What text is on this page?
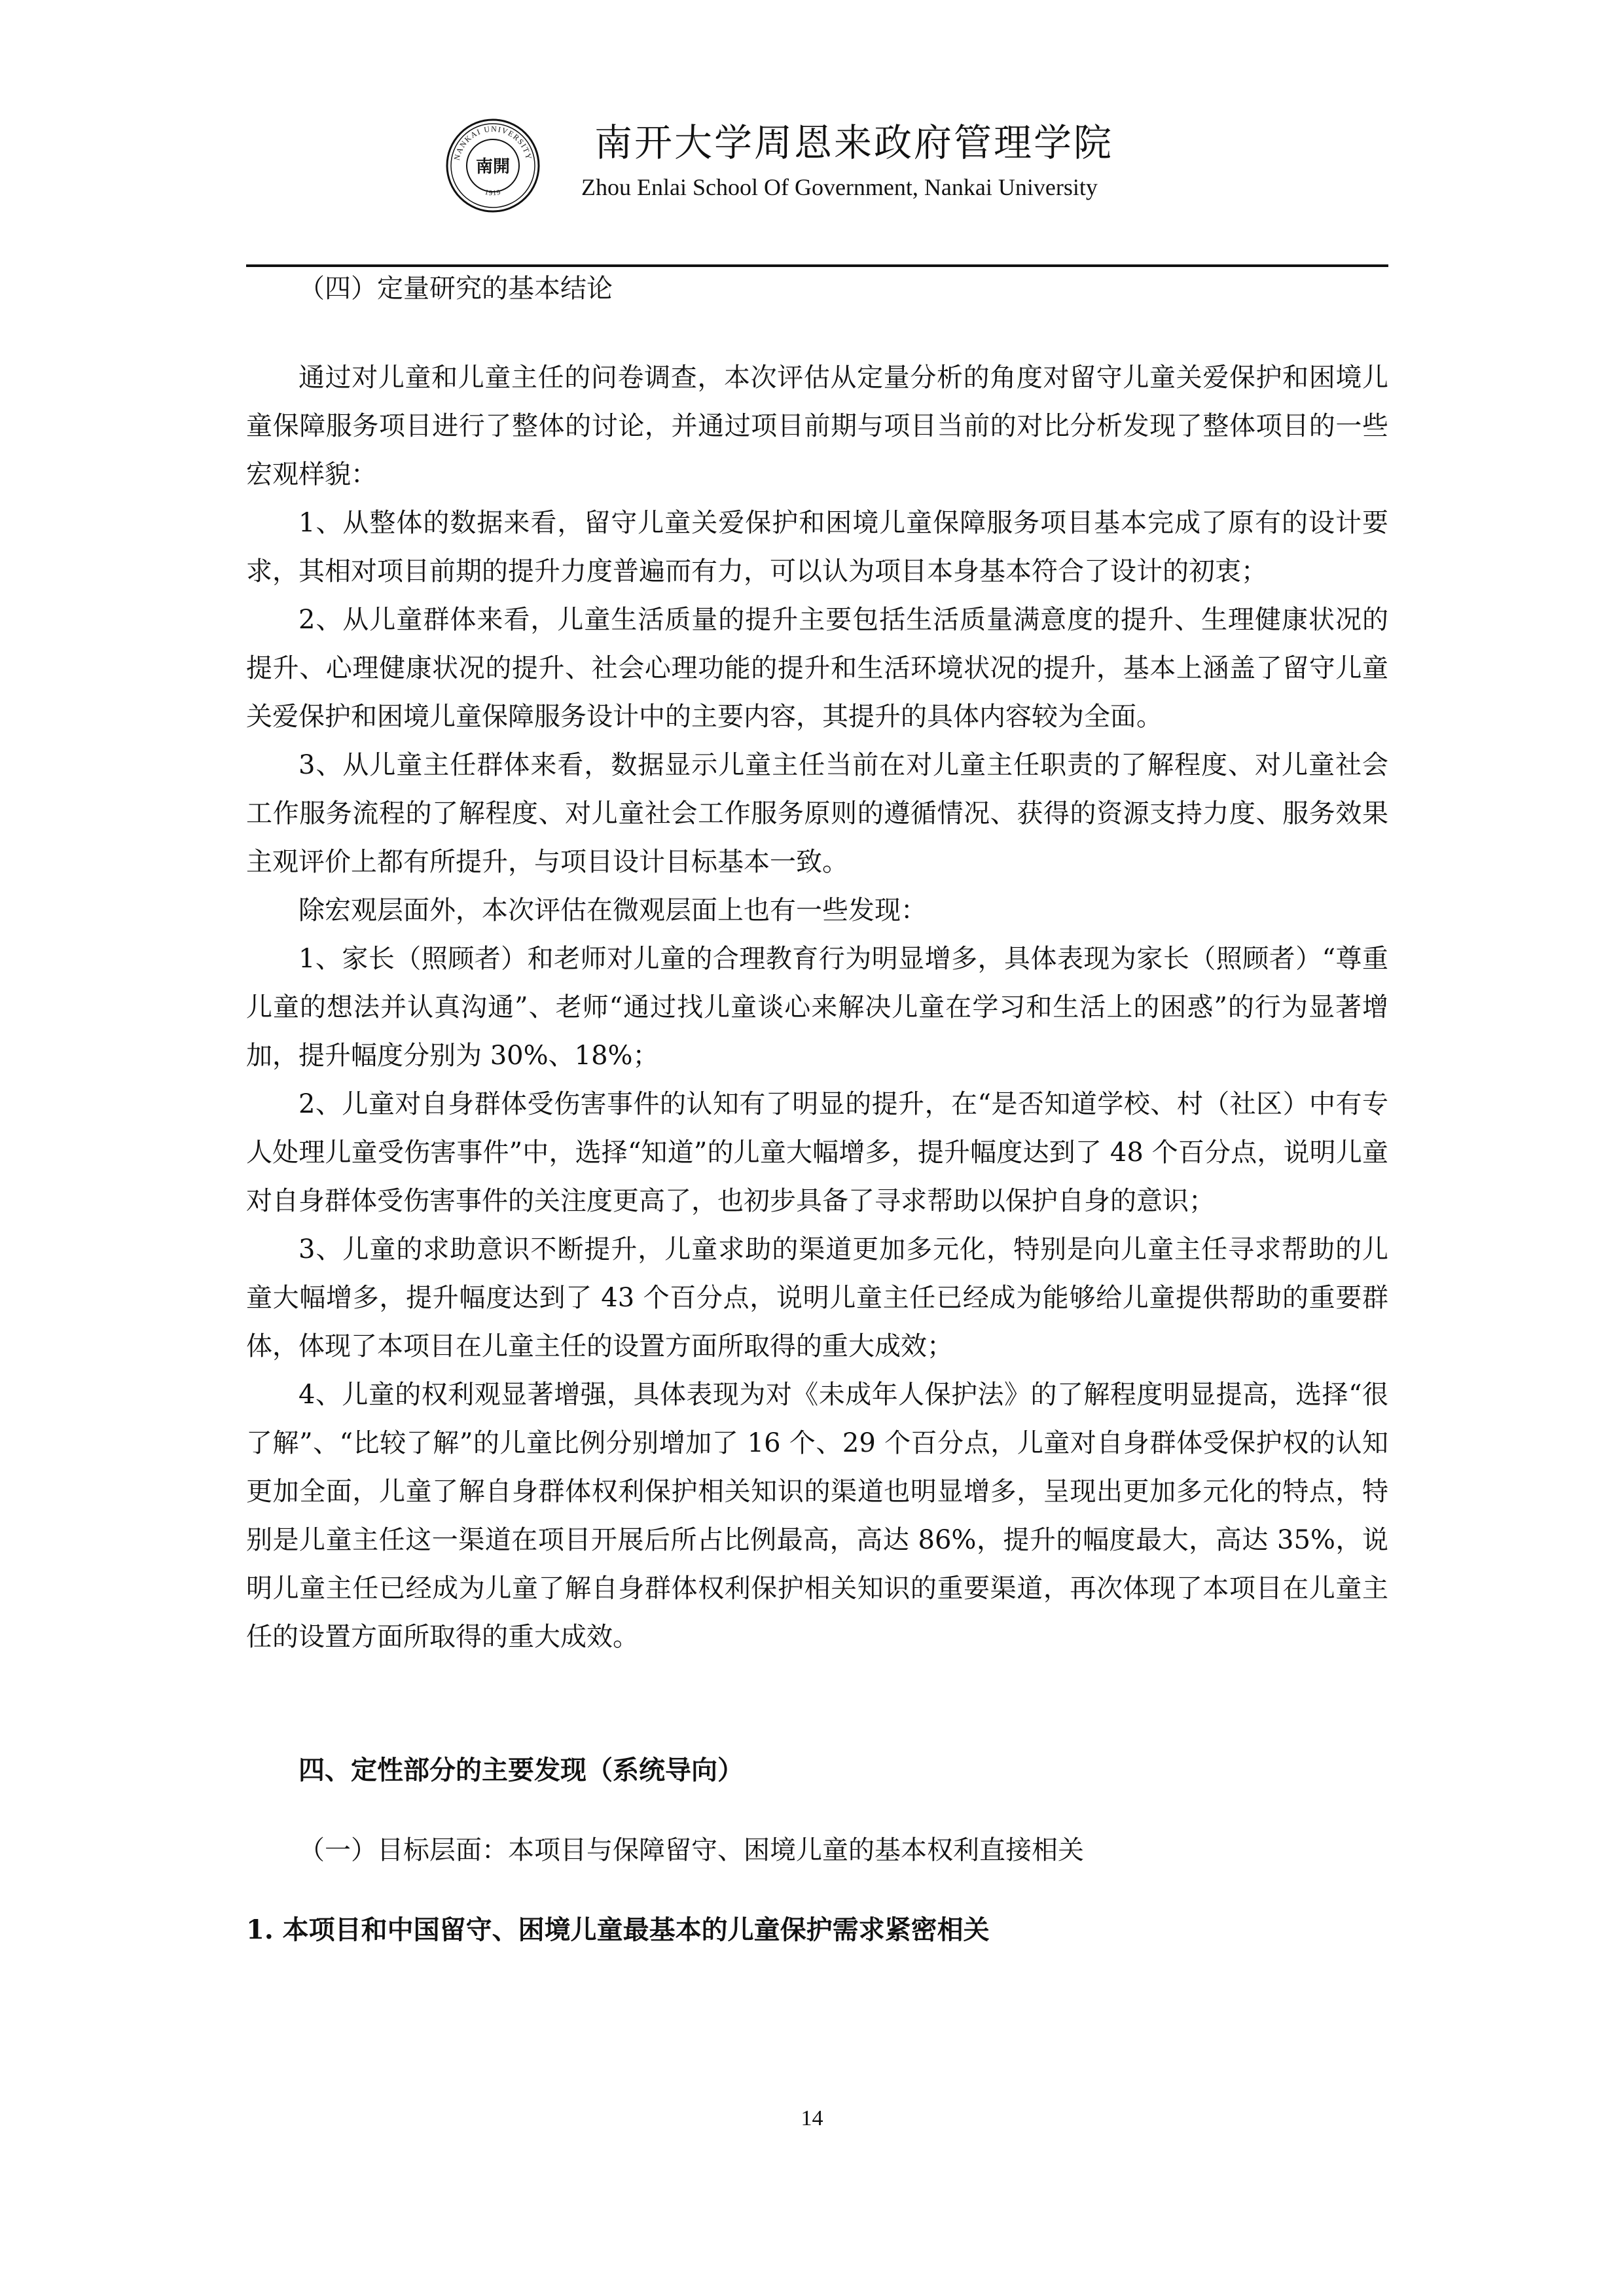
NANKAI UNIVERSITY
1919
南開
南开大学周恩来政府管理学院
Zhou Enlai School Of Government, Nankai University

（四）定量研究的基本结论

通过对儿童和儿童主任的问卷调查，本次评估从定量分析的角度对留守儿童关爱保护和困境儿童保障服务项目进行了整体的讨论，并通过项目前期与项目当前的对比分析发现了整体项目的一些宏观样貌：

1、从整体的数据来看，留守儿童关爱保护和困境儿童保障服务项目基本完成了原有的设计要求，其相对项目前期的提升力度普遍而有力，可以认为项目本身基本符合了设计的初衷；

2、从儿童群体来看，儿童生活质量的提升主要包括生活质量满意度的提升、生理健康状况的提升、心理健康状况的提升、社会心理功能的提升和生活环境状况的提升，基本上涵盖了留守儿童关爱保护和困境儿童保障服务设计中的主要内容，其提升的具体内容较为全面。

3、从儿童主任群体来看，数据显示儿童主任当前在对儿童主任职责的了解程度、对儿童社会工作服务流程的了解程度、对儿童社会工作服务原则的遵循情况、获得的资源支持力度、服务效果主观评价上都有所提升，与项目设计目标基本一致。

除宏观层面外，本次评估在微观层面上也有一些发现：

1、家长（照顾者）和老师对儿童的合理教育行为明显增多，具体表现为家长（照顾者）“尊重儿童的想法并认真沟通”、老师“通过找儿童谈心来解决儿童在学习和生活上的困惑”的行为显著增加，提升幅度分别为 30%、18%；

2、儿童对自身群体受伤害事件的认知有了明显的提升，在“是否知道学校、村（社区）中有专人处理儿童受伤害事件”中，选择“知道”的儿童大幅增多，提升幅度达到了 48 个百分点，说明儿童对自身群体受伤害事件的关注度更高了，也初步具备了寻求帮助以保护自身的意识；

3、儿童的求助意识不断提升，儿童求助的渠道更加多元化，特别是向儿童主任寻求帮助的儿童大幅增多，提升幅度达到了 43 个百分点，说明儿童主任已经成为能够给儿童提供帮助的重要群体，体现了本项目在儿童主任的设置方面所取得的重大成效；

4、儿童的权利观显著增强，具体表现为对《未成年人保护法》的了解程度明显提高，选择“很了解”、“比较了解”的儿童比例分别增加了 16 个、29 个百分点，儿童对自身群体受保护权的认知更加全面，儿童了解自身群体权利保护相关知识的渠道也明显增多，呈现出更加多元化的特点，特别是儿童主任这一渠道在项目开展后所占比例最高，高达 86%，提升的幅度最大，高达 35%，说明儿童主任已经成为儿童了解自身群体权利保护相关知识的重要渠道，再次体现了本项目在儿童主任的设置方面所取得的重大成效。

四、定性部分的主要发现（系统导向）

（一）目标层面：本项目与保障留守、困境儿童的基本权利直接相关

1. 本项目和中国留守、困境儿童最基本的儿童保护需求紧密相关

14
